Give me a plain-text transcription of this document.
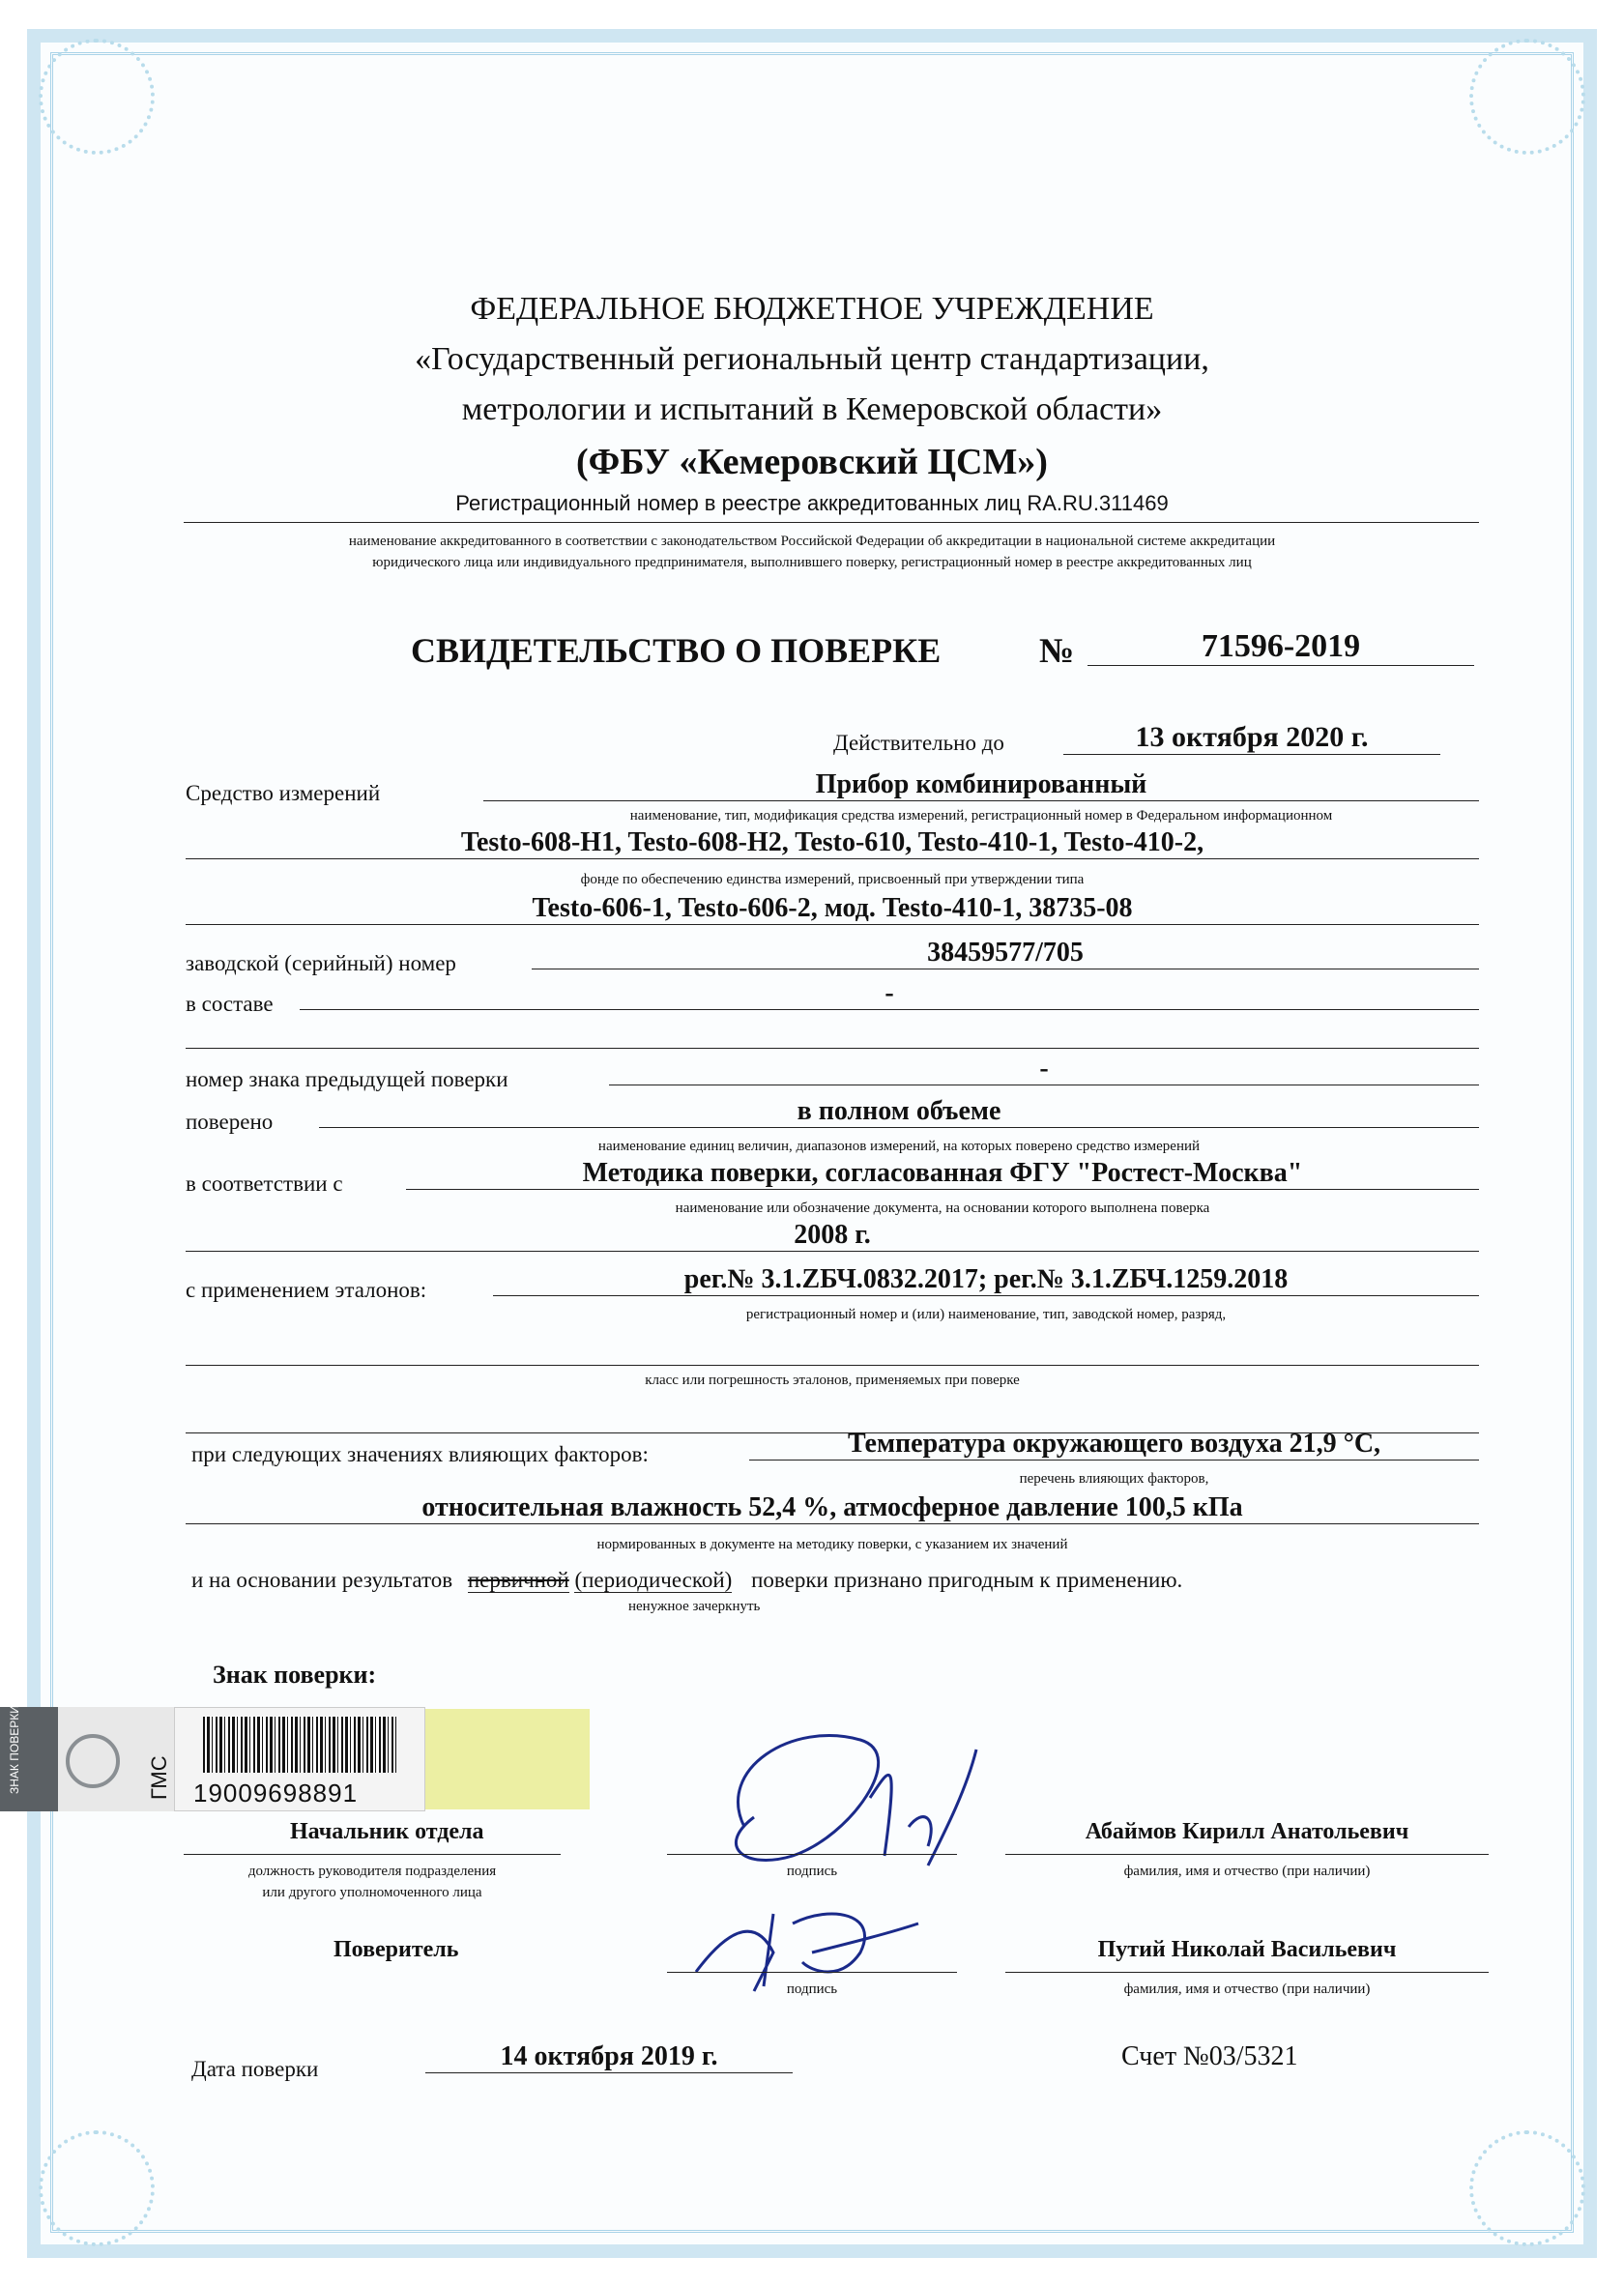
ФЕДЕРАЛЬНОЕ БЮДЖЕТНОЕ УЧРЕЖДЕНИЕ
«Государственный региональный центр стандартизации,
метрологии и испытаний в Кемеровской области»
(ФБУ «Кемеровский ЦСМ»)
Регистрационный номер в реестре аккредитованных лиц RA.RU.311469
наименование аккредитованного в соответствии с законодательством Российской Федерации об аккредитации в национальной системе аккредитации
юридического лица или индивидуального предпринимателя, выполнившего поверку, регистрационный номер в реестре аккредитованных лиц
СВИДЕТЕЛЬСТВО О ПОВЕРКЕ	№	71596-2019
Действительно до	13 октября 2020 г.
Средство измерений	Прибор комбинированный
наименование, тип, модификация средства измерений, регистрационный номер в Федеральном информационном
Testo-608-H1, Testo-608-H2, Testo-610, Testo-410-1, Testo-410-2,
фонде по обеспечению единства измерений, присвоенный при утверждении типа
Testo-606-1, Testo-606-2, мод. Testo-410-1, 38735-08
заводской (серийный) номер	38459577/705
в составе	-
номер знака предыдущей поверки	-
поверено	в полном объеме
наименование единиц величин, диапазонов измерений, на которых поверено средство измерений
в соответствии с	Методика поверки, согласованная ФГУ "Ростест-Москва"
наименование или обозначение документа, на основании которого выполнена поверка
2008 г.
с применением эталонов:	рег.№ 3.1.ZБЧ.0832.2017; рег.№ 3.1.ZБЧ.1259.2018
регистрационный номер и (или) наименование, тип, заводской номер, разряд,
класс или погрешность эталонов, применяемых при поверке
при следующих значениях влияющих факторов:	Температура окружающего воздуха 21,9 °С,
перечень влияющих факторов,
относительная влажность 52,4 %, атмосферное давление 100,5 кПа
нормированных в документе на методику поверки, с указанием их значений
и на основании результатов первичной (периодической) поверки признано пригодным к применению.
ненужное зачеркнуть
Знак поверки:
ЗНАК ПОВЕРКИ	ГМС 19009698891
Начальник отдела
должность руководителя подразделения
или другого уполномоченного лица
подпись
Абаймов Кирилл Анатольевич
фамилия, имя и отчество (при наличии)
Поверитель
подпись
Путий Николай Васильевич
фамилия, имя и отчество (при наличии)
Дата поверки	14 октября 2019 г.	Счет №03/5321
